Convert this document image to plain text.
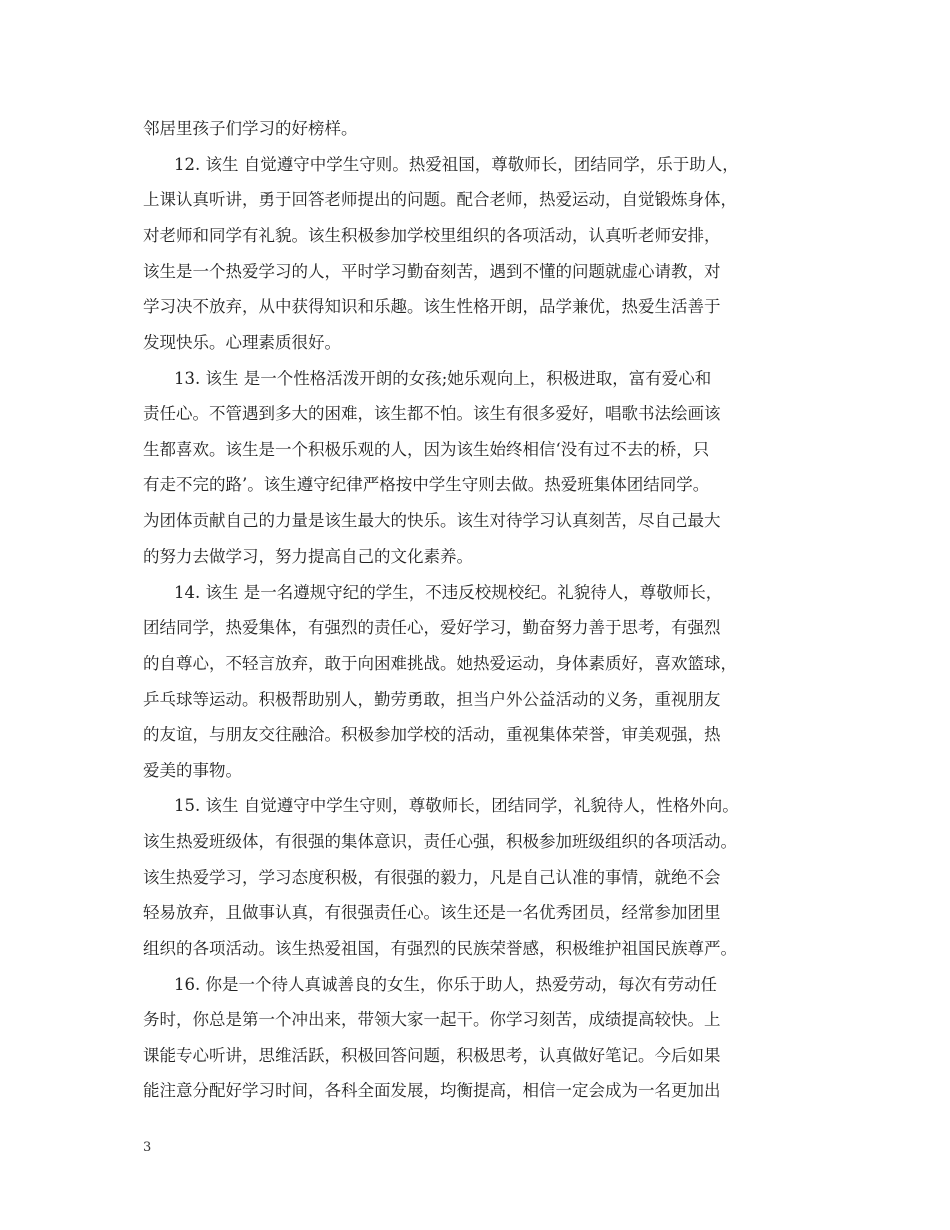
邻居里孩子们学习的好榜样。
12. 该生 自觉遵守中学生守则。热爱祖国，尊敬师长，团结同学，乐于助人，
上课认真听讲，勇于回答老师提出的问题。配合老师，热爱运动，自觉锻炼身体，
对老师和同学有礼貌。该生积极参加学校里组织的各项活动，认真听老师安排，
该生是一个热爱学习的人，平时学习勤奋刻苦，遇到不懂的问题就虚心请教，对
学习决不放弃，从中获得知识和乐趣。该生性格开朗，品学兼优，热爱生活善于
发现快乐。心理素质很好。
13. 该生 是一个性格活泼开朗的女孩;她乐观向上，积极进取，富有爱心和
责任心。不管遇到多大的困难，该生都不怕。该生有很多爱好，唱歌书法绘画该
生都喜欢。该生是一个积极乐观的人，因为该生始终相信‘没有过不去的桥，只
有走不完的路’。该生遵守纪律严格按中学生守则去做。热爱班集体团结同学。
为团体贡献自己的力量是该生最大的快乐。该生对待学习认真刻苦，尽自己最大
的努力去做学习，努力提高自己的文化素养。
14. 该生 是一名遵规守纪的学生，不违反校规校纪。礼貌待人，尊敬师长，
团结同学，热爱集体，有强烈的责任心，爱好学习，勤奋努力善于思考，有强烈
的自尊心，不轻言放弃，敢于向困难挑战。她热爱运动，身体素质好，喜欢篮球，
乒乓球等运动。积极帮助别人，勤劳勇敢，担当户外公益活动的义务，重视朋友
的友谊，与朋友交往融洽。积极参加学校的活动，重视集体荣誉，审美观强，热
爱美的事物。
15. 该生 自觉遵守中学生守则，尊敬师长，团结同学，礼貌待人，性格外向。
该生热爱班级体，有很强的集体意识，责任心强，积极参加班级组织的各项活动。
该生热爱学习，学习态度积极，有很强的毅力，凡是自己认准的事情，就绝不会
轻易放弃，且做事认真，有很强责任心。该生还是一名优秀团员，经常参加团里
组织的各项活动。该生热爱祖国，有强烈的民族荣誉感，积极维护祖国民族尊严。
16. 你是一个待人真诚善良的女生，你乐于助人，热爱劳动，每次有劳动任
务时，你总是第一个冲出来，带领大家一起干。你学习刻苦，成绩提高较快。上
课能专心听讲，思维活跃，积极回答问题，积极思考，认真做好笔记。今后如果
能注意分配好学习时间，各科全面发展，均衡提高，相信一定会成为一名更加出
3
